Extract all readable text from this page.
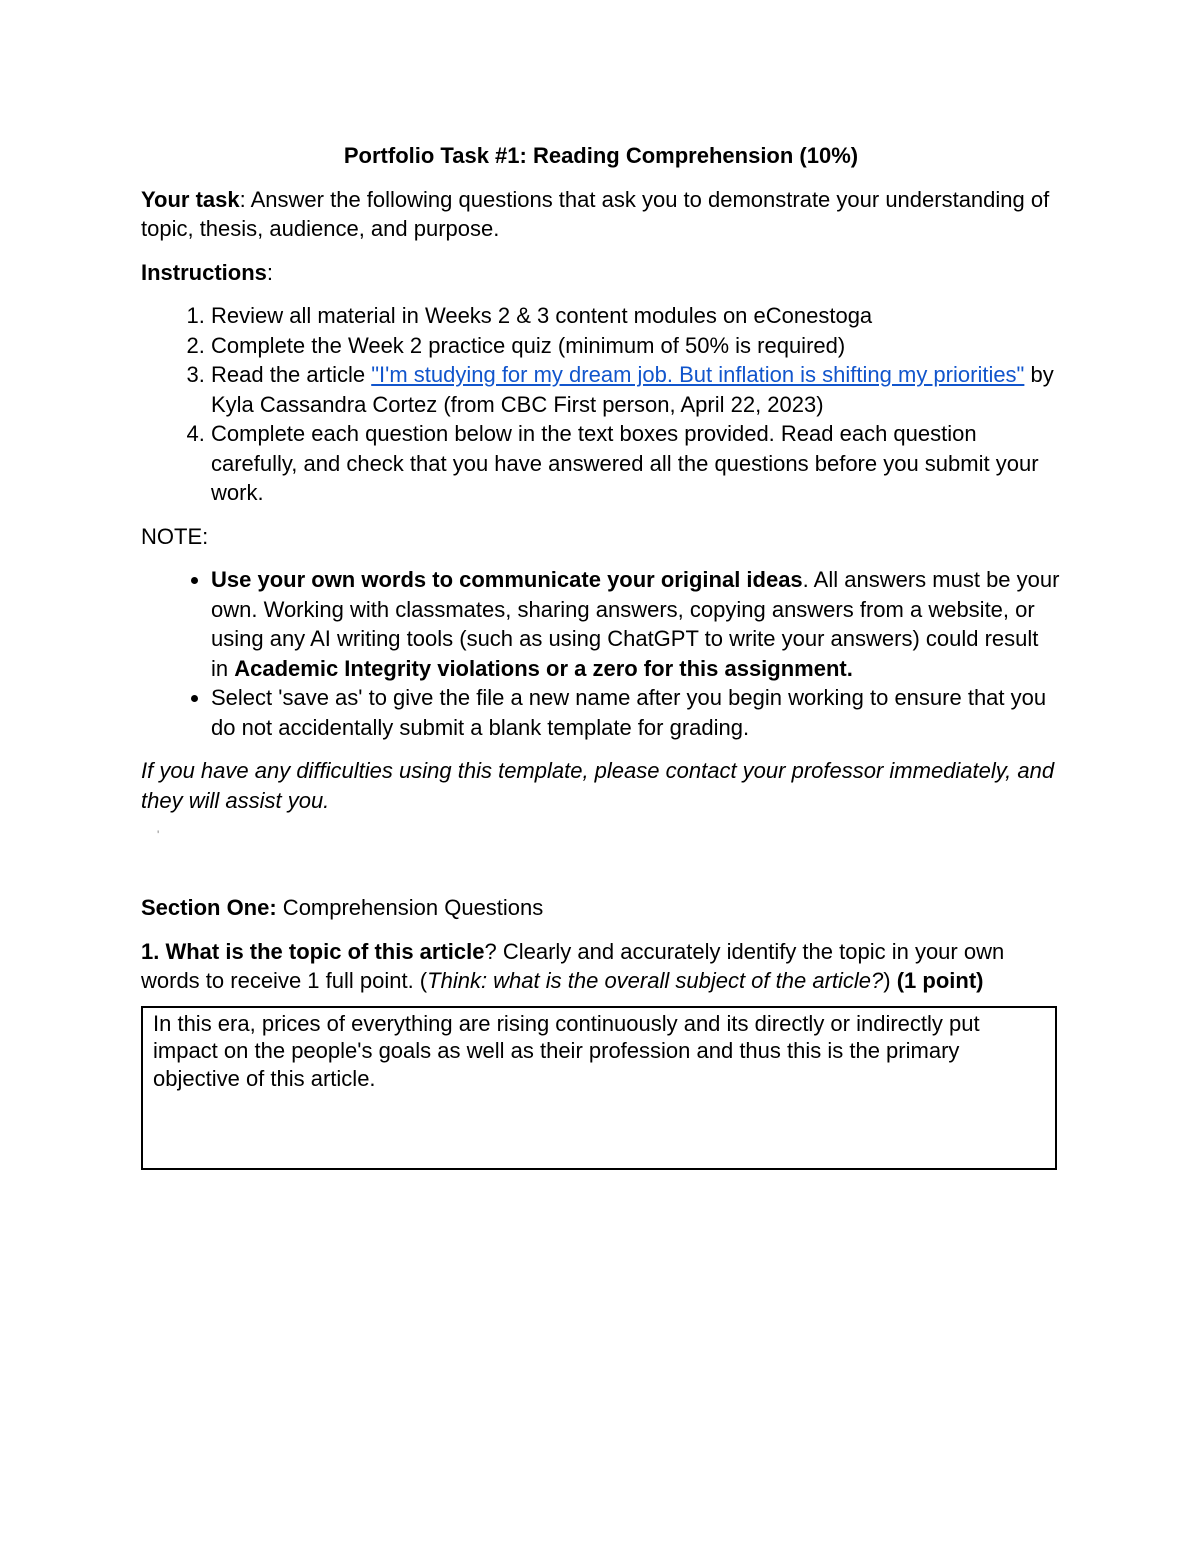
Portfolio Task #1: Reading Comprehension (10%)

Your task: Answer the following questions that ask you to demonstrate your understanding of topic, thesis, audience, and purpose.

Instructions:

1. Review all material in Weeks 2 & 3 content modules on eConestoga
2. Complete the Week 2 practice quiz (minimum of 50% is required)
3. Read the article "I'm studying for my dream job. But inflation is shifting my priorities" by Kyla Cassandra Cortez (from CBC First person, April 22, 2023)
4. Complete each question below in the text boxes provided. Read each question carefully, and check that you have answered all the questions before you submit your work.

NOTE:

• Use your own words to communicate your original ideas. All answers must be your own. Working with classmates, sharing answers, copying answers from a website, or using any AI writing tools (such as using ChatGPT to write your answers) could result in Academic Integrity violations or a zero for this assignment.
• Select 'save as' to give the file a new name after you begin working to ensure that you do not accidentally submit a blank template for grading.

If you have any difficulties using this template, please contact your professor immediately, and they will assist you.

'

Section One: Comprehension Questions

1. What is the topic of this article? Clearly and accurately identify the topic in your own words to receive 1 full point. (Think: what is the overall subject of the article?) (1 point)

In this era, prices of everything are rising continuously and its directly or indirectly put impact on the people's goals as well as their profession and thus this is the primary objective of this article.
